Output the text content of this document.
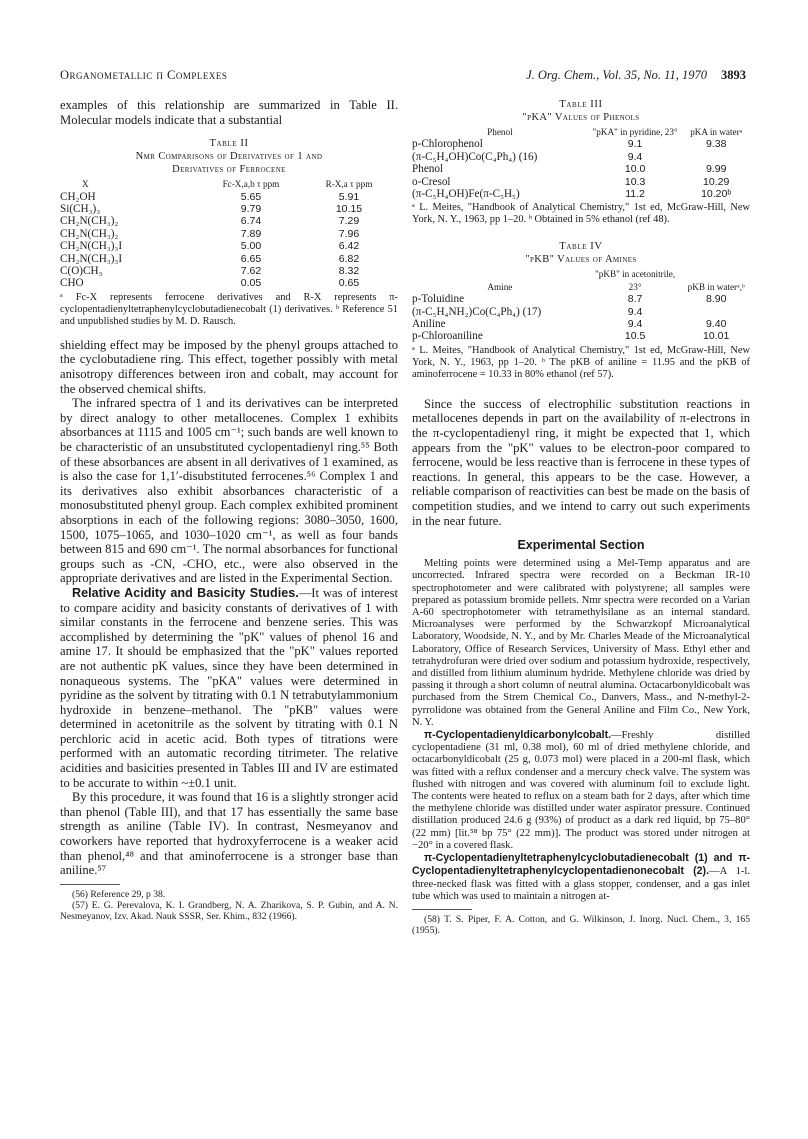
Organometallic π Complexes	J. Org. Chem., Vol. 35, No. 11, 1970 3893

examples of this relationship are summarized in Table II. Molecular models indicate that a substantial

Table II
Nmr Comparisons of Derivatives of 1 and
Derivatives of Ferrocene
X	Fc-X,a,b τ ppm	R-X,a τ ppm
CH₂OH	5.65	5.91
Si(CH₃)₃	9.79	10.15
CH₂N(CH₃)₂	6.74	7.29
CH₂N(CH₃)₂	7.89	7.96
CH₂N(CH₃)₃I	5.00	6.42
CH₂N(CH₃)₃I	6.65	6.82
C(O)CH₃	7.62	8.32
CHO	0.05	0.65

ᵃ Fc-X represents ferrocene derivatives and R-X represents π-cyclopentadienyltetraphenylcyclobutadienecobalt (1) derivatives. ᵇ Reference 51 and unpublished studies by M. D. Rausch.

shielding effect may be imposed by the phenyl groups attached to the cyclobutadiene ring. This effect, together possibly with metal anisotropy differences between iron and cobalt, may account for the observed chemical shifts.

The infrared spectra of 1 and its derivatives can be interpreted by direct analogy to other metallocenes. Complex 1 exhibits absorbances at 1115 and 1005 cm⁻¹; such bands are well known to be characteristic of an unsubstituted cyclopentadienyl ring.⁵⁵ Both of these absorbances are absent in all derivatives of 1 examined, as is also the case for 1,1′-disubstituted ferrocenes.⁵⁶ Complex 1 and its derivatives also exhibit absorbances characteristic of a monosubstituted phenyl group. Each complex exhibited prominent absorptions in each of the following regions: 3080–3050, 1600, 1500, 1075–1065, and 1030–1020 cm⁻¹, as well as four bands between 815 and 690 cm⁻¹. The normal absorbances for functional groups such as -CN, -CHO, etc., were also observed in the appropriate derivatives and are listed in the Experimental Section.

Relative Acidity and Basicity Studies.—It was of interest to compare acidity and basicity constants of derivatives of 1 with similar constants in the ferrocene and benzene series. This was accomplished by determining the "pK" values of phenol 16 and amine 17. It should be emphasized that the "pK" values reported are not authentic pK values, since they have been determined in nonaqueous systems. The "pKA" values were determined in pyridine as the solvent by titrating with 0.1 N tetrabutylammonium hydroxide in benzene–methanol. The "pKB" values were determined in acetonitrile as the solvent by titrating with 0.1 N perchloric acid in acetic acid. Both types of titrations were performed with an automatic recording titrimeter. The relative acidities and basicities presented in Tables III and IV are estimated to be accurate to within ~±0.1 unit.

By this procedure, it was found that 16 is a slightly stronger acid than phenol (Table III), and that 17 has essentially the same base strength as aniline (Table IV). In contrast, Nesmeyanov and coworkers have reported that hydroxyferrocene is a weaker acid than phenol,⁴⁸ and that aminoferrocene is a stronger base than aniline.⁵⁷

(56) Reference 29, p 38.

(57) E. G. Perevalova, K. I. Grandberg, N. A. Zharikova, S. P. Gubin, and A. N. Nesmeyanov, Izv. Akad. Nauk SSSR, Ser. Khim., 832 (1966).

Table III
"pKA" Values of Phenols
Phenol	"pKA" in pyridine, 23°	pKA in waterᵃ
p-Chlorophenol	9.1	9.38
(π-C₅H₄OH)Co(C₄Ph₄) (16)	9.4	
Phenol	10.0	9.99
o-Cresol	10.3	10.29
(π-C₅H₄OH)Fe(π-C₅H₅)	11.2	10.20ᵇ

ᵃ L. Meites, "Handbook of Analytical Chemistry," 1st ed, McGraw-Hill, New York, N. Y., 1963, pp 1–20. ᵇ Obtained in 5% ethanol (ref 48).

Table IV
"pKB" Values of Amines
Amine	"pKB" in acetonitrile, 23°	pKB in waterᵃ,ᵇ
p-Toluidine	8.7	8.90
(π-C₅H₄NH₂)Co(C₄Ph₄) (17)	9.4	
Aniline	9.4	9.40
p-Chloroaniline	10.5	10.01

ᵃ L. Meites, "Handbook of Analytical Chemistry," 1st ed, McGraw-Hill, New York, N. Y., 1963, pp 1–20. ᵇ The pKB of aniline = 11.95 and the pKB of aminoferrocene = 10.33 in 80% ethanol (ref 57).

Since the success of electrophilic substitution reactions in metallocenes depends in part on the availability of π-electrons in the π-cyclopentadienyl ring, it might be expected that 1, which appears from the "pK" values to be electron-poor compared to ferrocene, would be less reactive than is ferrocene in these types of reactions. In general, this appears to be the case. However, a reliable comparison of reactivities can best be made on the basis of competition studies, and we intend to carry out such experiments in the near future.

Experimental Section

Melting points were determined using a Mel-Temp apparatus and are uncorrected. Infrared spectra were recorded on a Beckman IR-10 spectrophotometer and were calibrated with polystyrene; all samples were prepared as potassium bromide pellets. Nmr spectra were recorded on a Varian A-60 spectrophotometer with tetramethylsilane as an internal standard. Microanalyses were performed by the Schwarzkopf Microanalytical Laboratory, Woodside, N. Y., and by Mr. Charles Meade of the Microanalytical Laboratory, Office of Research Services, University of Mass. Ethyl ether and tetrahydrofuran were dried over sodium and potassium hydroxide, respectively, and distilled from lithium aluminum hydride. Methylene chloride was dried by passing it through a short column of neutral alumina. Octacarbonyldicobalt was purchased from the Strem Chemical Co., Danvers, Mass., and N-methyl-2-pyrrolidone was obtained from the General Aniline and Film Co., New York, N. Y.

π-Cyclopentadienyldicarbonylcobalt.—Freshly distilled cyclopentadiene (31 ml, 0.38 mol), 60 ml of dried methylene chloride, and octacarbonyldicobalt (25 g, 0.073 mol) were placed in a 200-ml flask, which was fitted with a reflux condenser and a mercury check valve. The system was flushed with nitrogen and was covered with aluminum foil to exclude light. The contents were heated to reflux on a steam bath for 2 days, after which time the methylene chloride was distilled under water aspirator pressure. Continued distillation produced 24.6 g (93%) of product as a dark red liquid, bp 75–80° (22 mm) [lit.⁵⁸ bp 75° (22 mm)]. The product was stored under nitrogen at −20° in a covered flask.

π-Cyclopentadienyltetraphenylcyclobutadienecobalt (1) and π-Cyclopentadienyltetraphenylcyclopentadienonecobalt (2).—A 1-l. three-necked flask was fitted with a glass stopper, condenser, and a gas inlet tube which was used to maintain a nitrogen at-

(58) T. S. Piper, F. A. Cotton, and G. Wilkinson, J. Inorg. Nucl. Chem., 3, 165 (1955).
